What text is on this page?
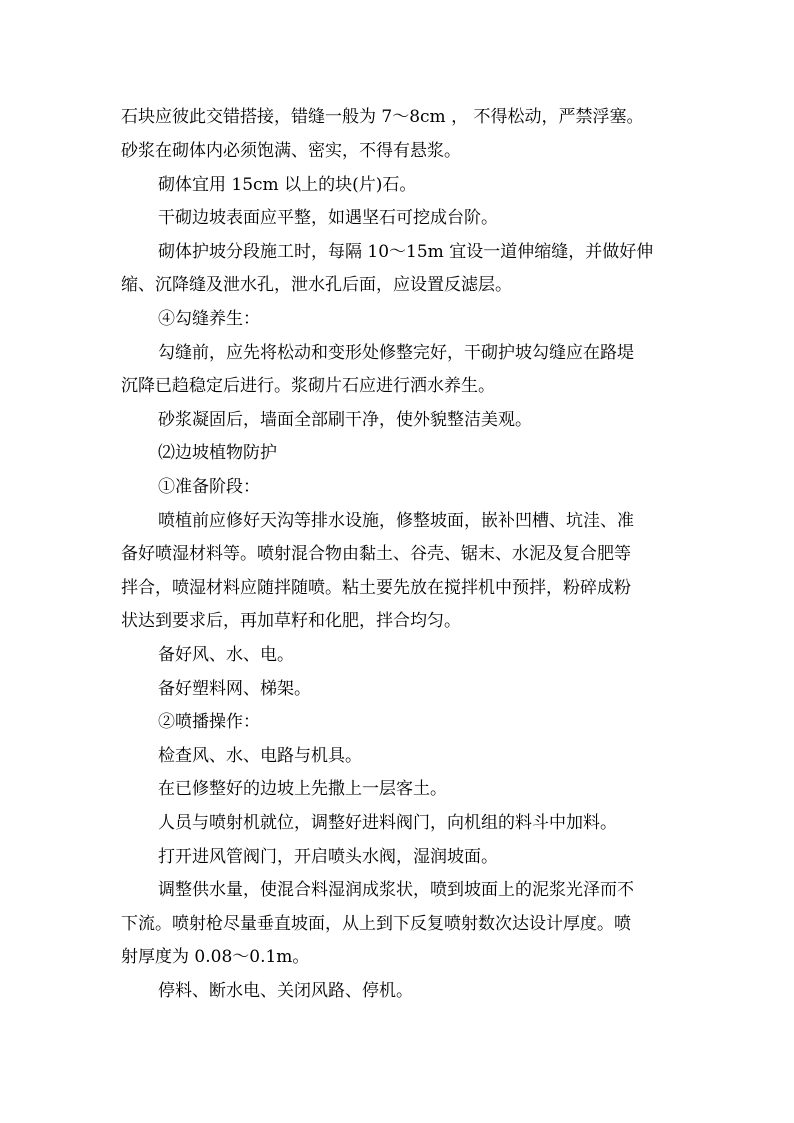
石块应彼此交错搭接，错缝一般为 7～8cm ， 不得松动，严禁浮塞。
砂浆在砌体内必须饱满、密实，不得有悬浆。
砌体宜用 15cm 以上的块(片)石。
干砌边坡表面应平整，如遇坚石可挖成台阶。
砌体护坡分段施工时，每隔 10～15m 宜设一道伸缩缝，并做好伸
缩、沉降缝及泄水孔，泄水孔后面，应设置反滤层。
④勾缝养生：
勾缝前，应先将松动和变形处修整完好，干砌护坡勾缝应在路堤
沉降已趋稳定后进行。浆砌片石应进行洒水养生。
砂浆凝固后，墙面全部刷干净，使外貌整洁美观。
⑵边坡植物防护
①准备阶段：
喷植前应修好天沟等排水设施，修整坡面，嵌补凹槽、坑洼、准
备好喷湿材料等。喷射混合物由黏土、谷壳、锯末、水泥及复合肥等
拌合，喷湿材料应随拌随喷。粘土要先放在搅拌机中预拌，粉碎成粉
状达到要求后，再加草籽和化肥，拌合均匀。
备好风、水、电。
备好塑料网、梯架。
②喷播操作：
检查风、水、电路与机具。
在已修整好的边坡上先撒上一层客土。
人员与喷射机就位，调整好进料阀门，向机组的料斗中加料。
打开进风管阀门，开启喷头水阀，湿润坡面。
调整供水量，使混合料湿润成浆状，喷到坡面上的泥浆光泽而不
下流。喷射枪尽量垂直坡面，从上到下反复喷射数次达设计厚度。喷
射厚度为 0.08～0.1m。
停料、断水电、关闭风路、停机。
